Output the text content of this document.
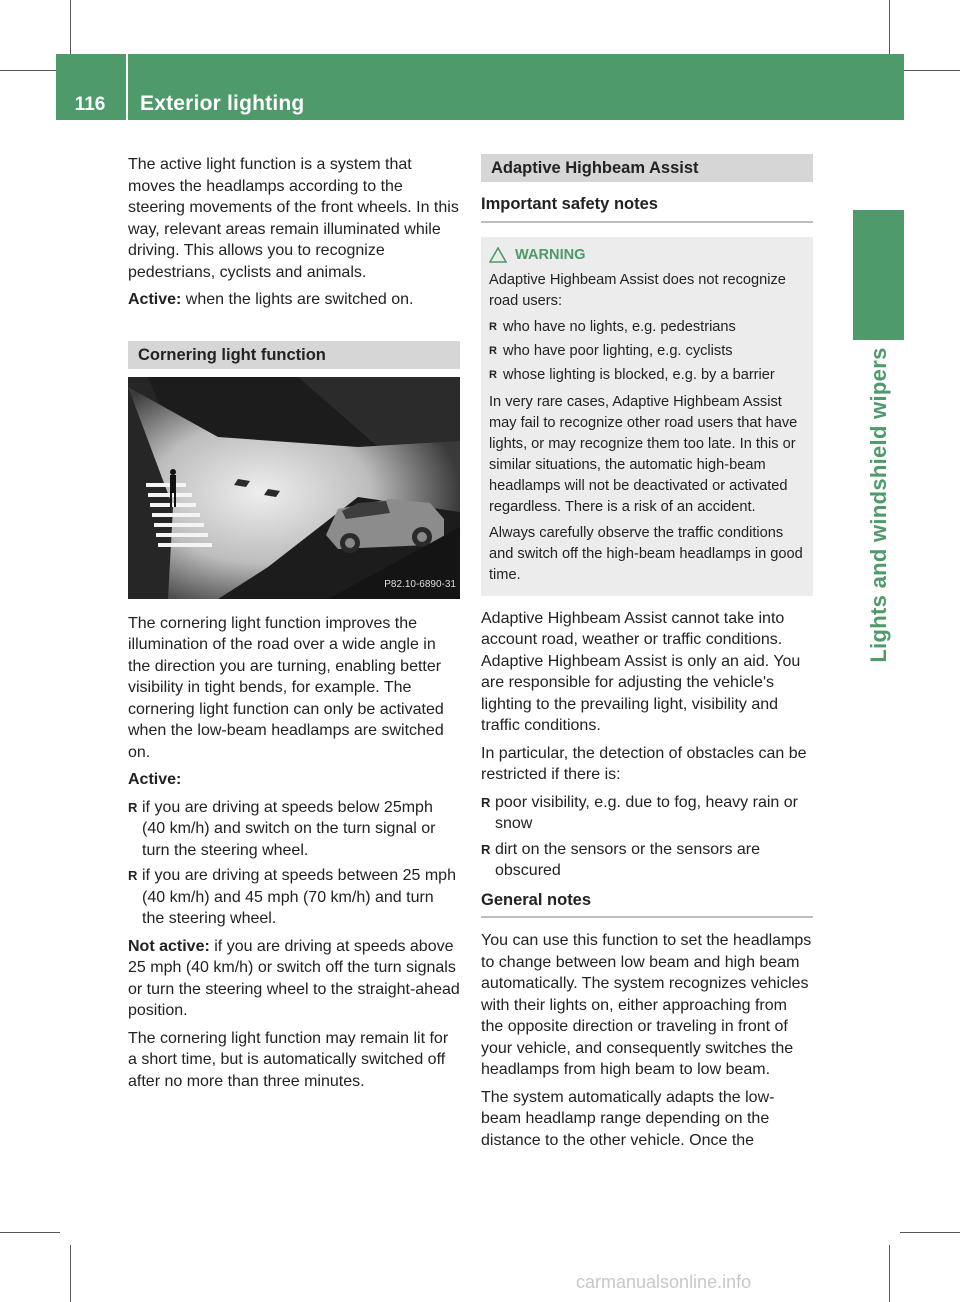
116	Exterior lighting
Lights and windshield wipers

The active light function is a system that moves the headlamps according to the steering movements of the front wheels. In this way, relevant areas remain illuminated while driving. This allows you to recognize pedestrians, cyclists and animals.

Active: when the lights are switched on.

Cornering light function
P82.10-6890-31

The cornering light function improves the illumination of the road over a wide angle in the direction you are turning, enabling better visibility in tight bends, for example. The cornering light function can only be activated when the low-beam headlamps are switched on.

Active:

R if you are driving at speeds below 25mph (40 km/h) and switch on the turn signal or turn the steering wheel.
R if you are driving at speeds between 25 mph (40 km/h) and 45 mph (70 km/h) and turn the steering wheel.

Not active: if you are driving at speeds above 25 mph (40 km/h) or switch off the turn signals or turn the steering wheel to the straight-ahead position.

The cornering light function may remain lit for a short time, but is automatically switched off after no more than three minutes.

Adaptive Highbeam Assist
Important safety notes
WARNING

Adaptive Highbeam Assist does not recognize road users:

R who have no lights, e.g. pedestrians
R who have poor lighting, e.g. cyclists
R whose lighting is blocked, e.g. by a barrier

In very rare cases, Adaptive Highbeam Assist may fail to recognize other road users that have lights, or may recognize them too late. In this or similar situations, the automatic high-beam headlamps will not be deactivated or activated regardless. There is a risk of an accident.

Always carefully observe the traffic conditions and switch off the high-beam headlamps in good time.

Adaptive Highbeam Assist cannot take into account road, weather or traffic conditions. Adaptive Highbeam Assist is only an aid. You are responsible for adjusting the vehicle's lighting to the prevailing light, visibility and traffic conditions.

In particular, the detection of obstacles can be restricted if there is:

R poor visibility, e.g. due to fog, heavy rain or snow
R dirt on the sensors or the sensors are obscured
General notes

You can use this function to set the headlamps to change between low beam and high beam automatically. The system recognizes vehicles with their lights on, either approaching from the opposite direction or traveling in front of your vehicle, and consequently switches the headlamps from high beam to low beam.

The system automatically adapts the low-beam headlamp range depending on the distance to the other vehicle. Once the

carmanualsonline.info
